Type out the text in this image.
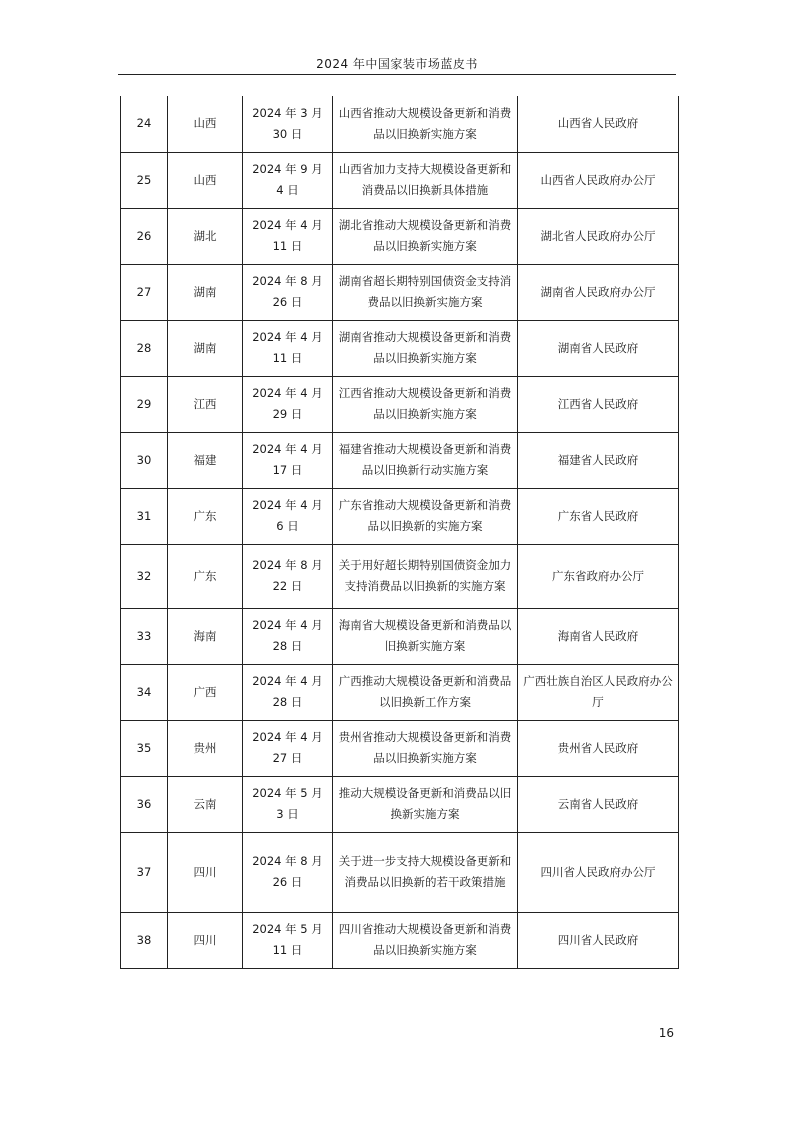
2024 年中国家装市场蓝皮书
24	山西	2024 年 3 月 30 日	山西省推动大规模设备更新和消费品以旧换新实施方案	山西省人民政府
25	山西	2024 年 9 月 4 日	山西省加力支持大规模设备更新和消费品以旧换新具体措施	山西省人民政府办公厅
26	湖北	2024 年 4 月 11 日	湖北省推动大规模设备更新和消费品以旧换新实施方案	湖北省人民政府办公厅
27	湖南	2024 年 8 月 26 日	湖南省超长期特别国债资金支持消费品以旧换新实施方案	湖南省人民政府办公厅
28	湖南	2024 年 4 月 11 日	湖南省推动大规模设备更新和消费品以旧换新实施方案	湖南省人民政府
29	江西	2024 年 4 月 29 日	江西省推动大规模设备更新和消费品以旧换新实施方案	江西省人民政府
30	福建	2024 年 4 月 17 日	福建省推动大规模设备更新和消费品以旧换新行动实施方案	福建省人民政府
31	广东	2024 年 4 月 6 日	广东省推动大规模设备更新和消费品以旧换新的实施方案	广东省人民政府
32	广东	2024 年 8 月 22 日	关于用好超长期特别国债资金加力支持消费品以旧换新的实施方案	广东省政府办公厅
33	海南	2024 年 4 月 28 日	海南省大规模设备更新和消费品以旧换新实施方案	海南省人民政府
34	广西	2024 年 4 月 28 日	广西推动大规模设备更新和消费品以旧换新工作方案	广西壮族自治区人民政府办公厅
35	贵州	2024 年 4 月 27 日	贵州省推动大规模设备更新和消费品以旧换新实施方案	贵州省人民政府
36	云南	2024 年 5 月 3 日	推动大规模设备更新和消费品以旧换新实施方案	云南省人民政府
37	四川	2024 年 8 月 26 日	关于进一步支持大规模设备更新和消费品以旧换新的若干政策措施	四川省人民政府办公厅
38	四川	2024 年 5 月 11 日	四川省推动大规模设备更新和消费品以旧换新实施方案	四川省人民政府
16
